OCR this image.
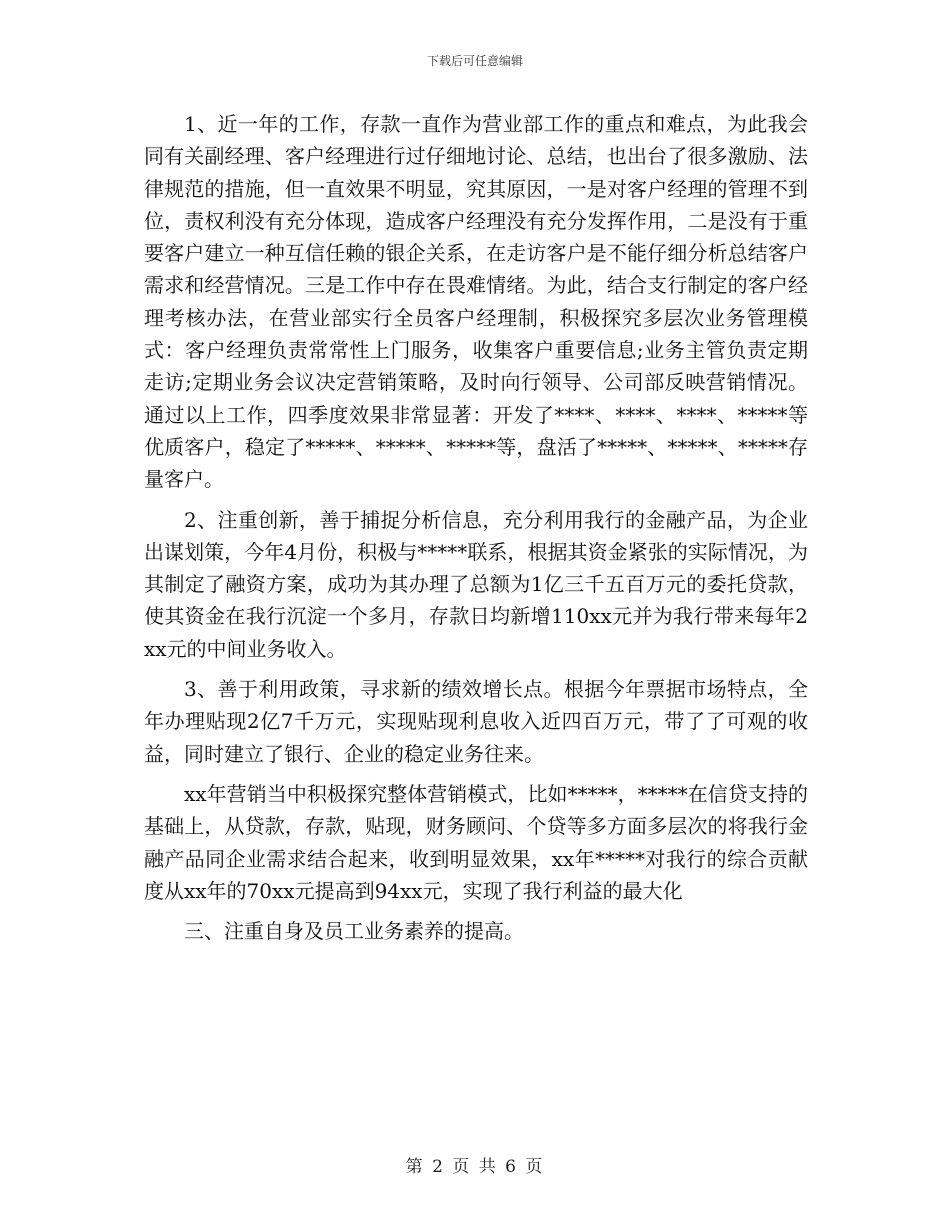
下载后可任意编辑

1、近一年的工作，存款一直作为营业部工作的重点和难点，为此我会同有关副经理、客户经理进行过仔细地讨论、总结，也出台了很多激励、法律规范的措施，但一直效果不明显，究其原因，一是对客户经理的管理不到位，责权利没有充分体现，造成客户经理没有充分发挥作用，二是没有于重要客户建立一种互信任赖的银企关系，在走访客户是不能仔细分析总结客户需求和经营情况。三是工作中存在畏难情绪。为此，结合支行制定的客户经理考核办法，在营业部实行全员客户经理制，积极探究多层次业务管理模式：客户经理负责常常性上门服务，收集客户重要信息;业务主管负责定期走访;定期业务会议决定营销策略，及时向行领导、公司部反映营销情况。通过以上工作，四季度效果非常显著：开发了****、****、****、*****等优质客户，稳定了*****、*****、*****等，盘活了*****、*****、*****存量客户。

2、注重创新，善于捕捉分析信息，充分利用我行的金融产品，为企业出谋划策，今年4月份，积极与*****联系，根据其资金紧张的实际情况，为其制定了融资方案，成功为其办理了总额为1亿三千五百万元的委托贷款，使其资金在我行沉淀一个多月，存款日均新增110xx元并为我行带来每年2xx元的中间业务收入。

3、善于利用政策，寻求新的绩效增长点。根据今年票据市场特点，全年办理贴现2亿7千万元，实现贴现利息收入近四百万元，带了了可观的收益，同时建立了银行、企业的稳定业务往来。

xx年营销当中积极探究整体营销模式，比如*****，*****在信贷支持的基础上，从贷款，存款，贴现，财务顾问、个贷等多方面多层次的将我行金融产品同企业需求结合起来，收到明显效果，xx年*****对我行的综合贡献度从xx年的70xx元提高到94xx元，实现了我行利益的最大化

三、注重自身及员工业务素养的提高。

第 2 页 共 6 页
